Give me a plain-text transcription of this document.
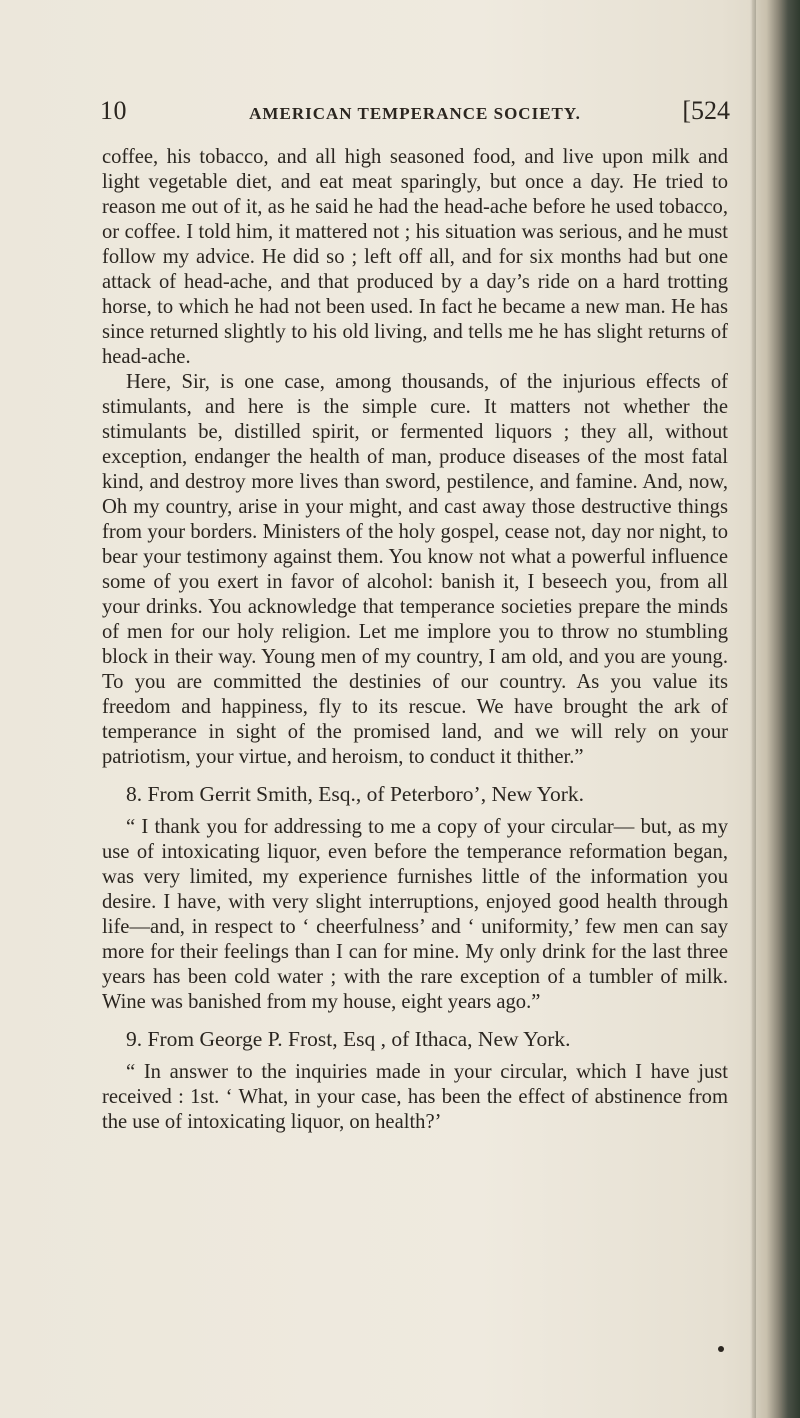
10	AMERICAN TEMPERANCE SOCIETY.	[524

coffee, his tobacco, and all high seasoned food, and live upon milk and light vegetable diet, and eat meat sparingly, but once a day. He tried to reason me out of it, as he said he had the head-ache before he used tobacco, or coffee. I told him, it mattered not ; his situation was serious, and he must follow my advice. He did so ; left off all, and for six months had but one attack of head-ache, and that produced by a day’s ride on a hard trotting horse, to which he had not been used. In fact he became a new man. He has since returned slightly to his old living, and tells me he has slight returns of head-ache.

Here, Sir, is one case, among thousands, of the injurious effects of stimulants, and here is the simple cure. It matters not whether the stimulants be, distilled spirit, or fermented liquors ; they all, without exception, endanger the health of man, produce diseases of the most fatal kind, and destroy more lives than sword, pestilence, and famine. And, now, Oh my country, arise in your might, and cast away those destructive things from your borders. Ministers of the holy gospel, cease not, day nor night, to bear your testimony against them. You know not what a powerful influence some of you exert in favor of alcohol: banish it, I beseech you, from all your drinks. You acknowledge that temperance societies prepare the minds of men for our holy religion. Let me implore you to throw no stumbling block in their way. Young men of my country, I am old, and you are young. To you are committed the destinies of our country. As you value its freedom and happiness, fly to its rescue. We have brought the ark of temperance in sight of the promised land, and we will rely on your patriotism, your virtue, and heroism, to conduct it thither.”

8. From Gerrit Smith, Esq., of Peterboro’, New York.

“ I thank you for addressing to me a copy of your circular— but, as my use of intoxicating liquor, even before the temperance reformation began, was very limited, my experience furnishes little of the information you desire. I have, with very slight interruptions, enjoyed good health through life—and, in respect to ‘ cheerfulness’ and ‘ uniformity,’ few men can say more for their feelings than I can for mine. My only drink for the last three years has been cold water ; with the rare exception of a tumbler of milk. Wine was banished from my house, eight years ago.”

9. From George P. Frost, Esq , of Ithaca, New York.

“ In answer to the inquiries made in your circular, which I have just received : 1st. ‘ What, in your case, has been the effect of abstinence from the use of intoxicating liquor, on health?’
